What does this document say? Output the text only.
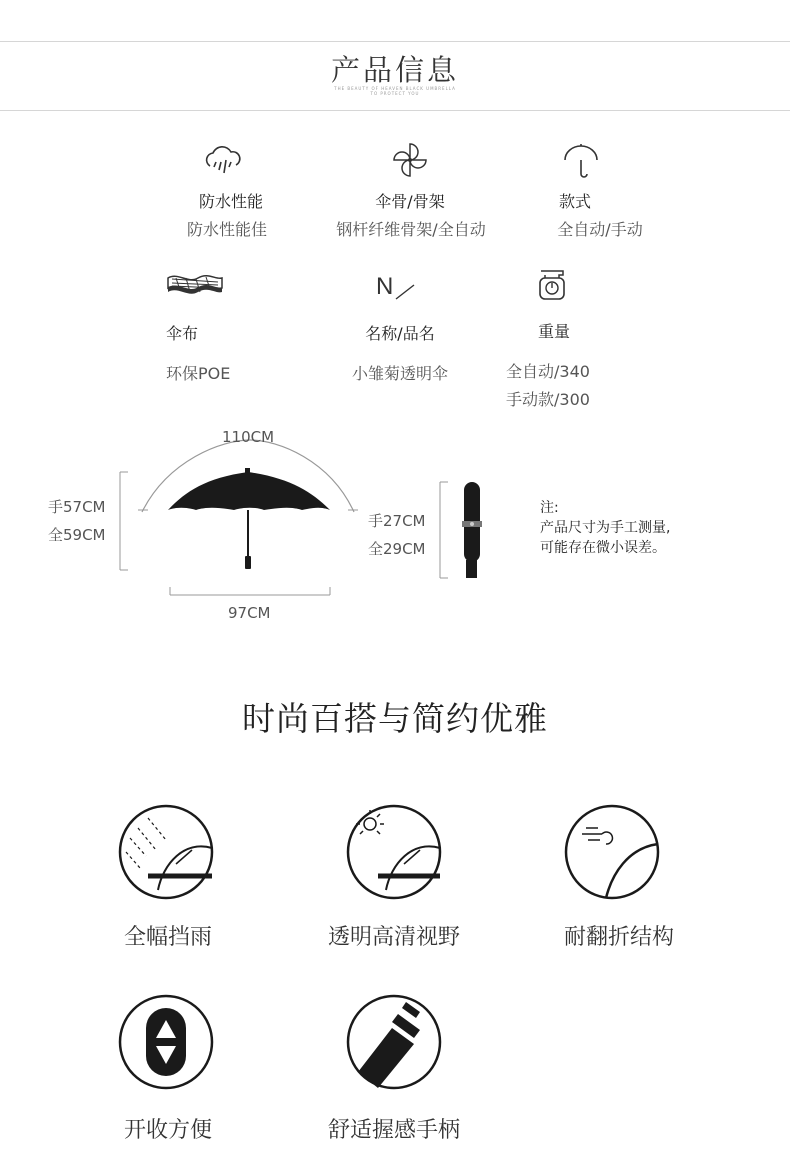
产品信息
THE BEAUTY OF HEAVEN BLACK UMBRELLA
TO PROTECT YOU
防水性能
防水性能佳
伞骨/骨架
钢杆纤维骨架/全自动
款式
全自动/手动
N
伞布
环保POE
名称/品名
小雏菊透明伞
重量
全自动/340
手动款/300
110CM
手57CM
全59CM
97CM
手27CM
全29CM
注:
产品尺寸为手工测量,
可能存在微小误差。
时尚百搭与简约优雅
全幅挡雨	透明高清视野	耐翻折结构
开收方便	舒适握感手柄
